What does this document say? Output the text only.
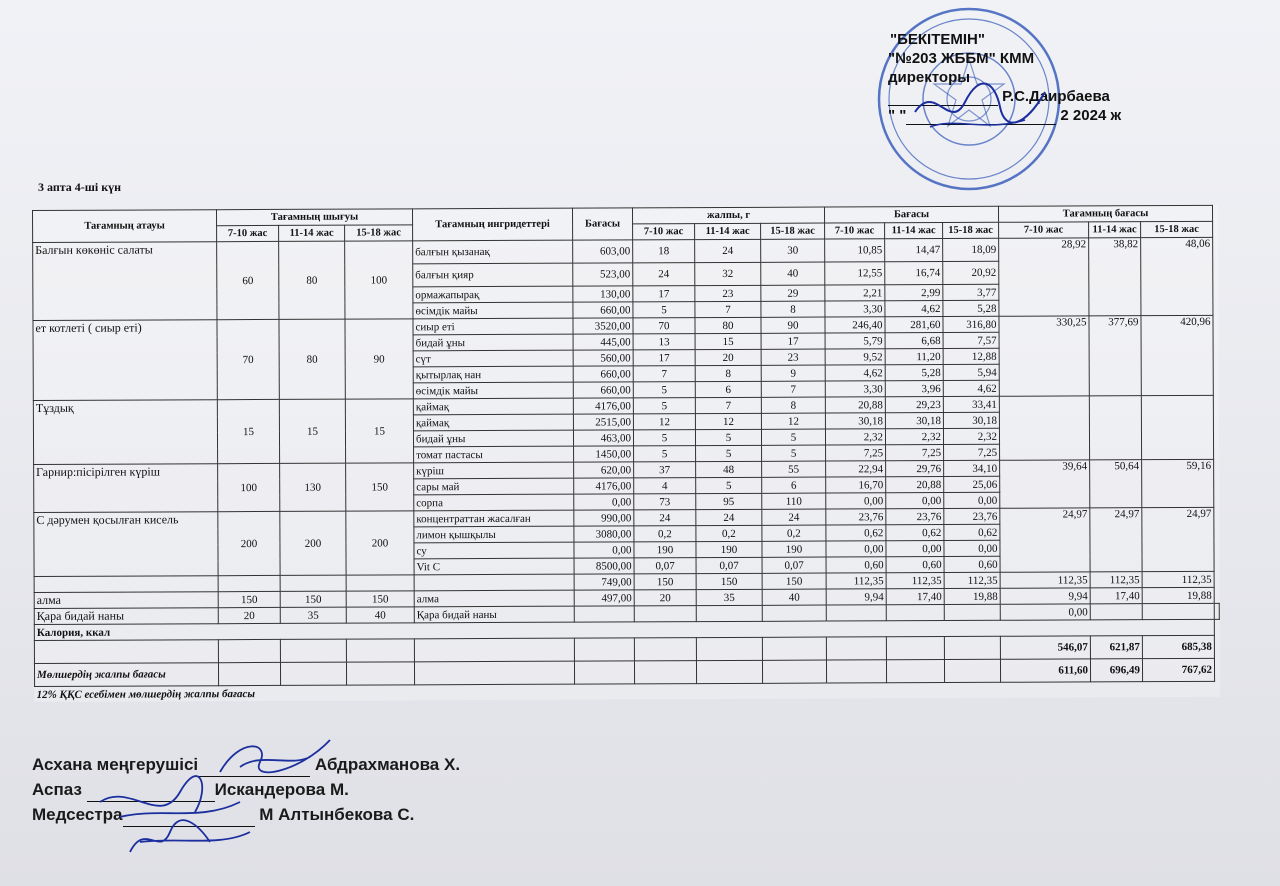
"БЕКІТЕМІН"
"№203 ЖББМ" КММ
директоры
Р.С.Даирбаева
" "	2 2024 ж
3 апта 4-ші күн
Тағамның атауы	Тағамның шығуы			Тағамның ингридеттері	Бағасы	жалпы, г			Бағасы			Тағамның бағасы			
	7-10 жас	11-14 жас	15-18 жас			7-10 жас	11-14 жас	15-18 жас	7-10 жас	11-14 жас	15-18 жас	7-10 жас	11-14 жас	15-18 жас	
Балғын көкөніс салаты	60	80	100	балғын қызанақ	603,00	18	24	30	10,85	14,47	18,09	28,92	38,82	48,06	
				балғын қияр	523,00	24	32	40	12,55	16,74	20,92				
				ормажапырақ	130,00	17	23	29	2,21	2,99	3,77				
				өсімдік майы	660,00	5	7	8	3,30	4,62	5,28				
ет котлеті ( сиыр еті)	70	80	90	сиыр еті	3520,00	70	80	90	246,40	281,60	316,80	330,25	377,69	420,96	
				бидай ұны	445,00	13	15	17	5,79	6,68	7,57				
				сүт	560,00	17	20	23	9,52	11,20	12,88				
				қытырлақ нан	660,00	7	8	9	4,62	5,28	5,94				
				өсімдік майы	660,00	5	6	7	3,30	3,96	4,62				
Тұздық	15	15	15	қаймақ	4176,00	5	7	8	20,88	29,23	33,41				
				қаймақ	2515,00	12	12	12	30,18	30,18	30,18				
				бидай ұны	463,00	5	5	5	2,32	2,32	2,32				
				томат пастасы	1450,00	5	5	5	7,25	7,25	7,25				
Гарнир:пісірілген күріш	100	130	150	күріш	620,00	37	48	55	22,94	29,76	34,10	39,64	50,64	59,16	
				сары май	4176,00	4	5	6	16,70	20,88	25,06				
				сорпа	0,00	73	95	110	0,00	0,00	0,00				
С дәрумен қосылған кисель	200	200	200	концентраттан жасалған	990,00	24	24	24	23,76	23,76	23,76	24,97	24,97	24,97	
				лимон қышқылы	3080,00	0,2	0,2	0,2	0,62	0,62	0,62				
				су	0,00	190	190	190	0,00	0,00	0,00				
				Vit C	8500,00	0,07	0,07	0,07	0,60	0,60	0,60				
					749,00	150	150	150	112,35	112,35	112,35	112,35	112,35	112,35	
алма	150	150	150	алма	497,00	20	35	40	9,94	17,40	19,88	9,94	17,40	19,88	
Қара бидай наны	20	35	40	Қара бидай наны								0,00			
Калория, ккал															
												546,07	621,87	685,38	
Мөлшердің жалпы бағасы												611,60	696,49	767,62	
12% ҚҚС есебімен мөлшердің жалпы бағасы															
Асхана меңгерушісі	Абдрахманова Х.
Аспаз	Искандерова М.
Медсестра	М Алтынбекова С.
